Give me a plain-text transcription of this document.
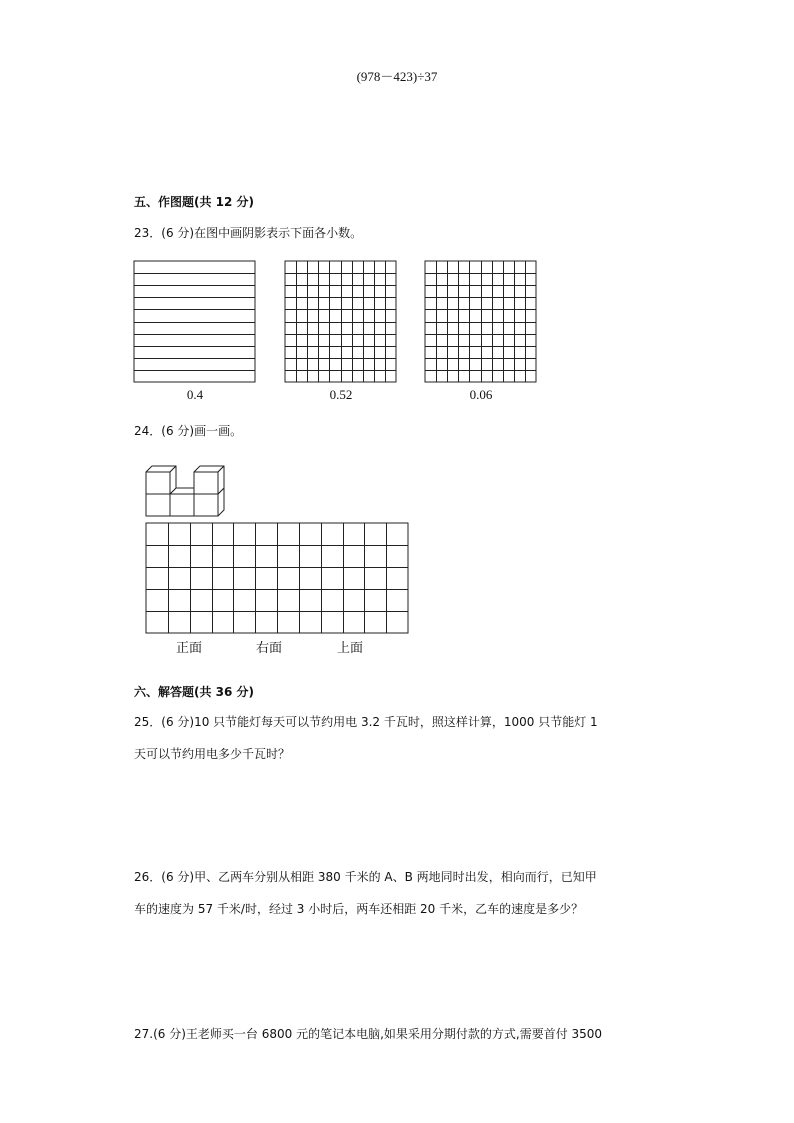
(978－423)÷37
五、作图题(共 12 分)
23．(6 分)在图中画阴影表示下面各小数。
0.4	0.52	0.06
24．(6 分)画一画。
正面	右面	上面
六、解答题(共 36 分)
25．(6 分)10 只节能灯每天可以节约用电 3.2 千瓦时，照这样计算，1000 只节能灯 1
天可以节约用电多少千瓦时？
26．(6 分)甲、乙两车分别从相距 380 千米的 A、B 两地同时出发，相向而行，已知甲
车的速度为 57 千米/时，经过 3 小时后，两车还相距 20 千米，乙车的速度是多少？
27.(6 分)王老师买一台 6800 元的笔记本电脑,如果采用分期付款的方式,需要首付 3500
